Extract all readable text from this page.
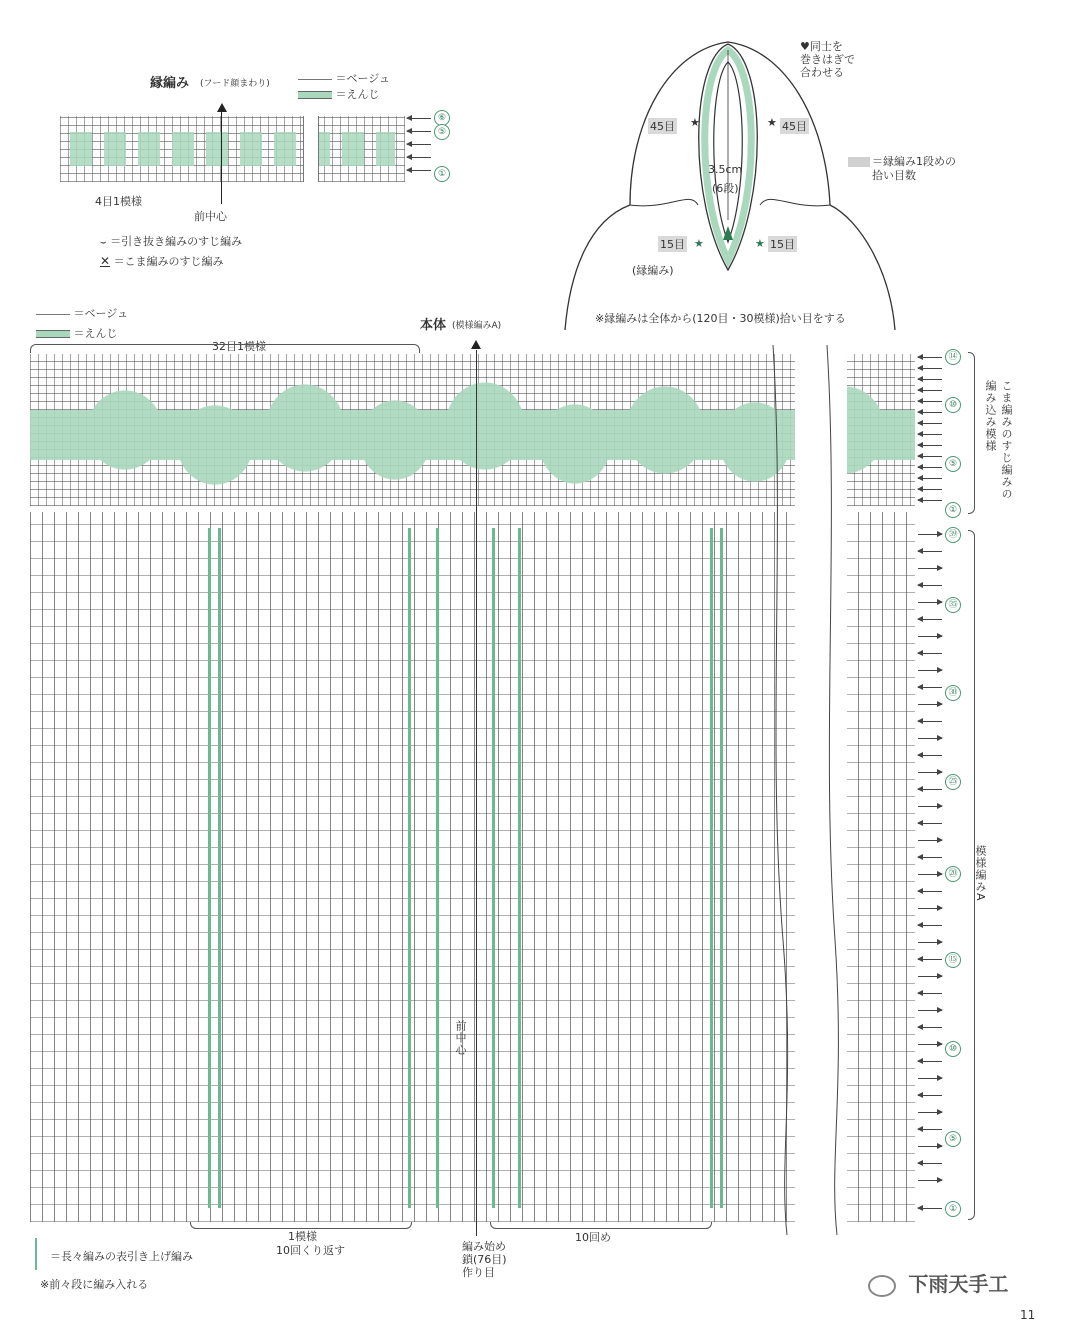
縁編み (フード顔まわり)	＝ベージュ
＝えんじ
⑥
⑤
①
4目1模様
前中心
⌣ ＝引き抜き編みのすじ編み
✕ ＝こま編みのすじ編み
♥同士を
巻きはぎで
合わせる
45目 ★	★ 45目
3.5cm
(6段)
15目 ★	★ 15目
(縁編み)
※縁編みは全体から(120目・30模様)拾い目をする
＝縁編み1段めの
拾い目数
＝ベージュ
＝えんじ
本体 (模様編みA)
32目1模様
前中心
⑭
⑩
⑤
①
こま編みのすじ編みの
編み込み模様
㊴
㉟
㉚
㉕
⑳
⑮
⑩
⑤
①
模様編みA
1模様
10回くり返す	編み始め
鎖(76目)
作り目
10回め
＝長々編みの表引き上げ編み
※前々段に編み入れる	下雨天手工
11
